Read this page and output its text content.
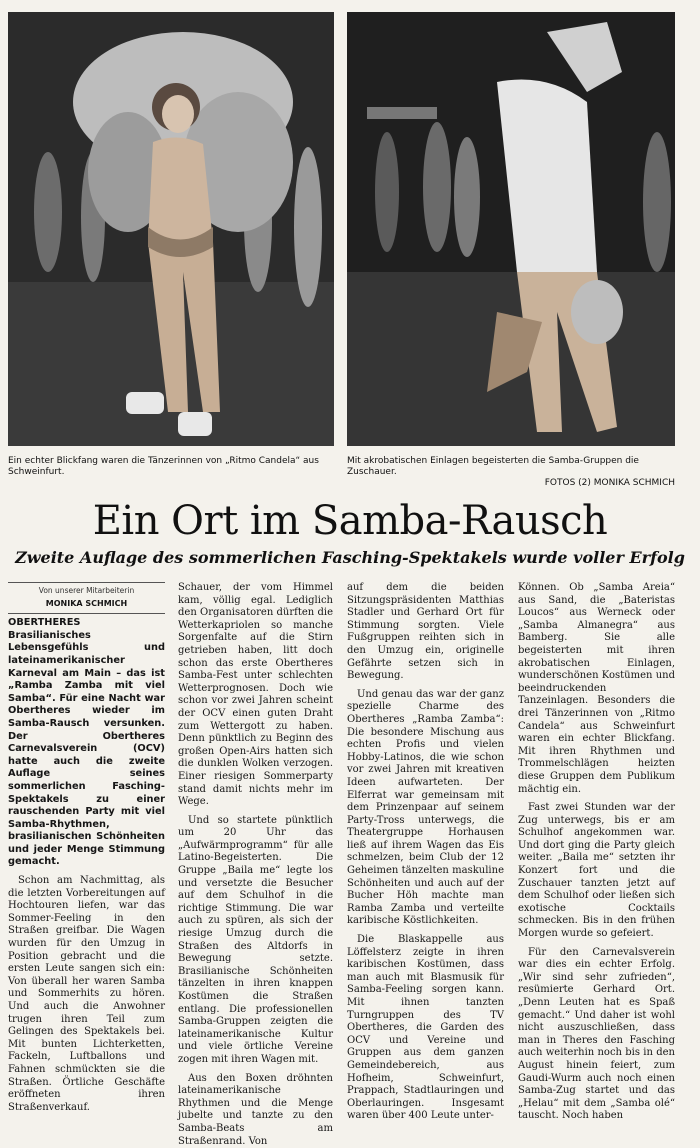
Ein echter Blickfang waren die Tänzerinnen von „Ritmo Candela“ aus Schweinfurt.
Mit akrobatischen Einlagen begeisterten die Samba-Gruppen die Zuschauer.
FOTOS (2) MONIKA SCHMICH
Ein Ort im Samba-Rausch
Zweite Auflage des sommerlichen Fasching-Spektakels wurde voller Erfolg
Von unserer Mitarbeiterin
MONIKA SCHMICH

OBERTHERES Brasilianisches Lebensgefühls und lateinamerikanischer Karneval am Main – das ist „Ramba Zamba mit viel Samba“. Für eine Nacht war Obertheres wieder im Samba-Rausch versunken. Der Obertheres Carnevalsverein (OCV) hatte auch die zweite Auflage seines sommerlichen Fasching-Spektakels zu einer rauschenden Party mit viel Samba-Rhythmen, brasilianischen Schönheiten und jeder Menge Stimmung gemacht.

Schon am Nachmittag, als die letzten Vorbereitungen auf Hochtouren liefen, war das Sommer-Feeling in den Straßen greifbar. Die Wagen wurden für den Umzug in Position gebracht und die ersten Leute sangen sich ein: Von überall her waren Samba und Sommerhits zu hören. Und auch die Anwohner trugen ihren Teil zum Gelingen des Spektakels bei. Mit bunten Lichterketten, Fackeln, Luftballons und Fahnen schmückten sie die Straßen. Örtliche Geschäfte eröffneten ihren Straßenverkauf.

Schauer, der vom Himmel kam, völlig egal. Lediglich den Organisatoren dürften die Wetterkapriolen so manche Sorgenfalte auf die Stirn getrieben haben, litt doch schon das erste Obertheres Samba-Fest unter schlechten Wetterprognosen. Doch wie schon vor zwei Jahren scheint der OCV einen guten Draht zum Wettergott zu haben. Denn pünktlich zu Beginn des großen Open-Airs hatten sich die dunklen Wolken verzogen. Einer riesigen Sommerparty stand damit nichts mehr im Wege.

Und so startete pünktlich um 20 Uhr das „Aufwärmprogramm“ für alle Latino-Begeisterten. Die Gruppe „Baila me“ legte los und versetzte die Besucher auf dem Schulhof in die richtige Stimmung. Die war auch zu spüren, als sich der riesige Umzug durch die Straßen des Altdorfs in Bewegung setzte. Brasilianische Schönheiten tänzelten in ihren knappen Kostümen die Straßen entlang. Die professionellen Samba-Gruppen zeigten die lateinamerikanische Kultur und viele örtliche Vereine zogen mit ihren Wagen mit.

Aus den Boxen dröhnten lateinamerikanische Rhythmen und die Menge jubelte und tanzte zu den Samba-Beats am Straßenrand. Von

auf dem die beiden Sitzungspräsidenten Matthias Stadler und Gerhard Ort für Stimmung sorgten. Viele Fußgruppen reihten sich in den Umzug ein, originelle Gefährte setzen sich in Bewegung.

Und genau das war der ganz spezielle Charme des Obertheres „Ramba Zamba“: Die besondere Mischung aus echten Profis und vielen Hobby-Latinos, die wie schon vor zwei Jahren mit kreativen Ideen aufwarteten. Der Elferrat war gemeinsam mit dem Prinzenpaar auf seinem Party-Tross unterwegs, die Theatergruppe Horhausen ließ auf ihrem Wagen das Eis schmelzen, beim Club der 12 Geheimen tänzelten maskuline Schönheiten und auch auf der Bucher Höh machte man Ramba Zamba und verteilte karibische Köstlichkeiten.

Die Blaskappelle aus Löffelsterz zeigte in ihren karibischen Kostümen, dass man auch mit Blasmusik für Samba-Feeling sorgen kann. Mit ihnen tanzten Turngruppen des TV Obertheres, die Garden des OCV und Vereine und Gruppen aus dem ganzen Gemeindebereich, aus Hofheim, Schweinfurt, Prappach, Stadtlauringen und Oberlauringen. Insgesamt waren über 400 Leute unter-

Können. Ob „Samba Areia“ aus Sand, die „Bateristas Loucos“ aus Werneck oder „Samba Almanegra“ aus Bamberg. Sie alle begeisterten mit ihren akrobatischen Einlagen, wunderschönen Kostümen und beeindruckenden Tanzeinlagen. Besonders die drei Tänzerinnen von „Ritmo Candela“ aus Schweinfurt waren ein echter Blickfang. Mit ihren Rhythmen und Trommelschlägen heizten diese Gruppen dem Publikum mächtig ein.

Fast zwei Stunden war der Zug unterwegs, bis er am Schulhof angekommen war. Und dort ging die Party gleich weiter. „Baila me“ setzten ihr Konzert fort und die Zuschauer tanzten jetzt auf dem Schulhof oder ließen sich exotische Cocktails schmecken. Bis in den frühen Morgen wurde so gefeiert.

Für den Carnevalsverein war dies ein echter Erfolg. „Wir sind sehr zufrieden“, resümierte Gerhard Ort. „Denn Leuten hat es Spaß gemacht.“ Und daher ist wohl nicht auszuschließen, dass man in Theres den Fasching auch weiterhin noch bis in den August hinein feiert, zum Gaudi-Wurm auch noch einen Samba-Zug startet und das „Helau“ mit dem „Samba olé“ tauscht. Noch haben
